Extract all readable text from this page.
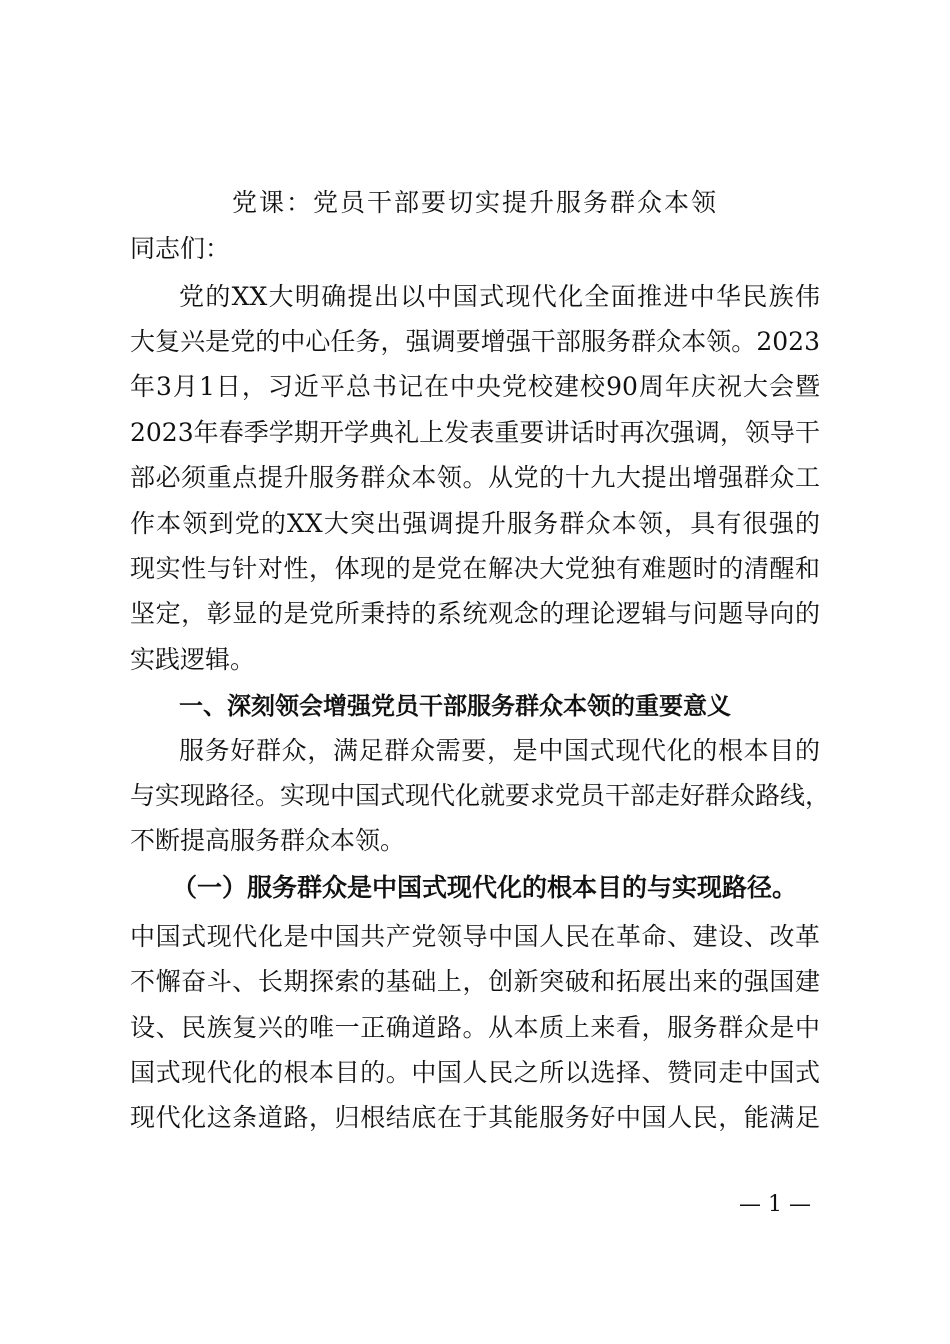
党课：党员干部要切实提升服务群众本领

同志们：

党的XX大明确提出以中国式现代化全面推进中华民族伟

大复兴是党的中心任务，强调要增强干部服务群众本领。2023

年3月1日，习近平总书记在中央党校建校90周年庆祝大会暨

2023年春季学期开学典礼上发表重要讲话时再次强调，领导干

部必须重点提升服务群众本领。从党的十九大提出增强群众工

作本领到党的XX大突出强调提升服务群众本领，具有很强的

现实性与针对性，体现的是党在解决大党独有难题时的清醒和

坚定，彰显的是党所秉持的系统观念的理论逻辑与问题导向的

实践逻辑。

一、深刻领会增强党员干部服务群众本领的重要意义

服务好群众，满足群众需要，是中国式现代化的根本目的

与实现路径。实现中国式现代化就要求党员干部走好群众路线，

不断提高服务群众本领。

（一）服务群众是中国式现代化的根本目的与实现路径。

中国式现代化是中国共产党领导中国人民在革命、建设、改革

不懈奋斗、长期探索的基础上，创新突破和拓展出来的强国建

设、民族复兴的唯一正确道路。从本质上来看，服务群众是中

国式现代化的根本目的。中国人民之所以选择、赞同走中国式

现代化这条道路，归根结底在于其能服务好中国人民，能满足

— 1 —
